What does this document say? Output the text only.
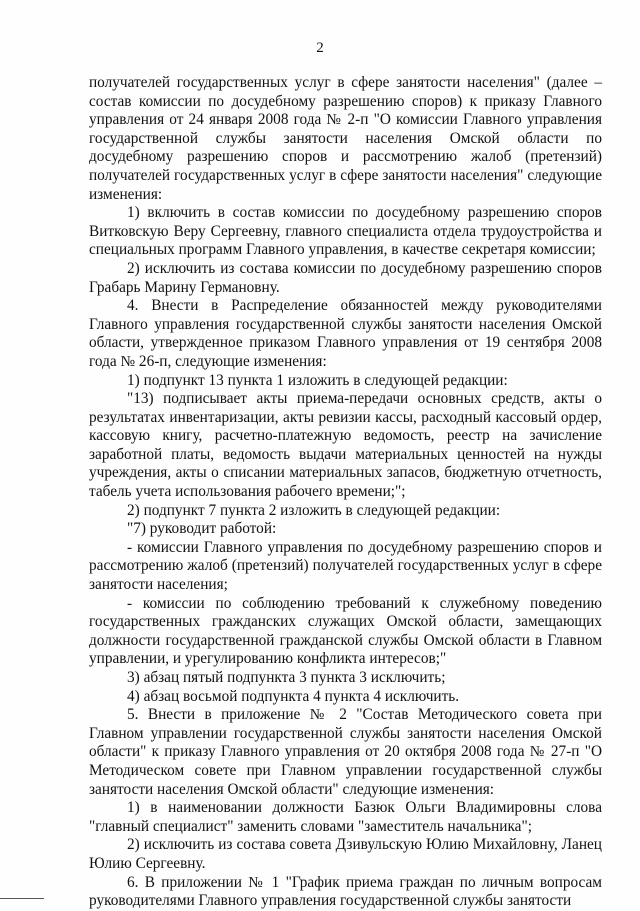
2

получателей государственных услуг в сфере занятости населения" (далее – состав комиссии по досудебному разрешению споров) к приказу Главного управления от 24 января 2008 года № 2-п "О комиссии Главного управления государственной службы занятости населения Омской области по досудебному разрешению споров и рассмотрению жалоб (претензий) получателей государственных услуг в сфере занятости населения" следующие изменения:

1) включить в состав комиссии по досудебному разрешению споров Витковскую Веру Сергеевну, главного специалиста отдела трудоустройства и специальных программ Главного управления, в качестве секретаря комиссии;

2) исключить из состава комиссии по досудебному разрешению споров Грабарь Марину Германовну.

4. Внести в Распределение обязанностей между руководителями Главного управления государственной службы занятости населения Омской области, утвержденное приказом Главного управления от 19 сентября 2008 года № 26-п, следующие изменения:

1) подпункт 13 пункта 1 изложить в следующей редакции:

"13) подписывает акты приема-передачи основных средств, акты о результатах инвентаризации, акты ревизии кассы, расходный кассовый ордер, кассовую книгу, расчетно-платежную ведомость, реестр на зачисление заработной платы, ведомость выдачи материальных ценностей на нужды учреждения, акты о списании материальных запасов, бюджетную отчетность, табель учета использования рабочего времени;";

2) подпункт 7 пункта 2 изложить в следующей редакции:

"7) руководит работой:

- комиссии Главного управления по досудебному разрешению споров и рассмотрению жалоб (претензий) получателей государственных услуг в сфере занятости населения;

- комиссии по соблюдению требований к служебному поведению государственных гражданских служащих Омской области, замещающих должности государственной гражданской службы Омской области в Главном управлении, и урегулированию конфликта интересов;"

3) абзац пятый подпункта 3 пункта 3 исключить;

4) абзац восьмой подпункта 4 пункта 4 исключить.

5. Внести в приложение № 2 "Состав Методического совета при Главном управлении государственной службы занятости населения Омской области" к приказу Главного управления от 20 октября 2008 года № 27-п "О Методическом совете при Главном управлении государственной службы занятости населения Омской области" следующие изменения:

1) в наименовании должности Базюк Ольги Владимировны слова "главный специалист" заменить словами "заместитель начальника";

2) исключить из состава совета Дзивульскую Юлию Михайловну, Ланец Юлию Сергеевну.

6. В приложении № 1 "График приема граждан по личным вопросам руководителями Главного управления государственной службы занятости
